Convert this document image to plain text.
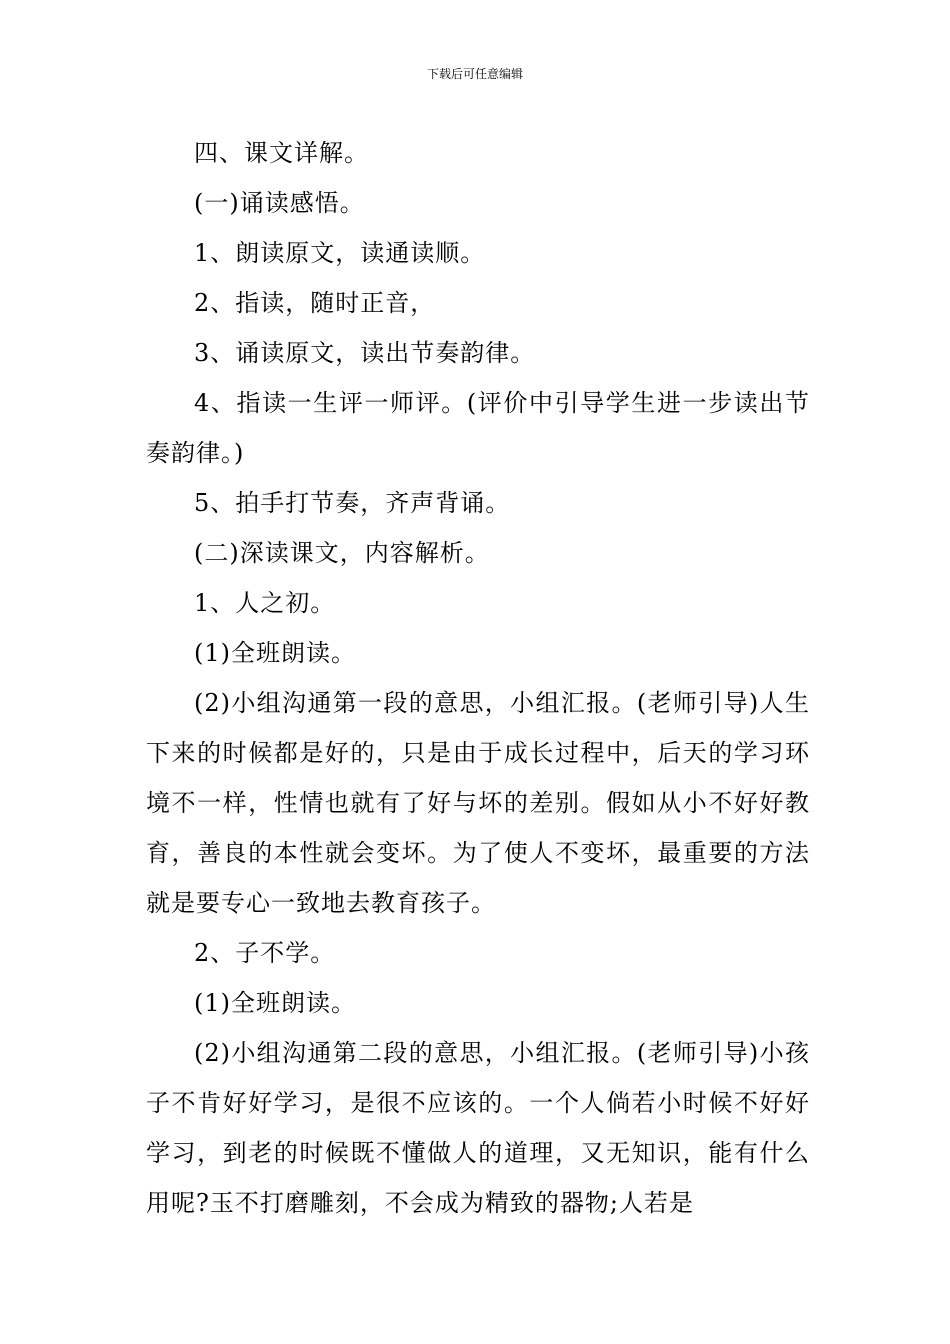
下载后可任意编辑

四、课文详解。

(一)诵读感悟。

1、朗读原文，读通读顺。

2、指读，随时正音，

3、诵读原文，读出节奏韵律。

4、指读一生评一师评。(评价中引导学生进一步读出节奏韵律。)

5、拍手打节奏，齐声背诵。

(二)深读课文，内容解析。

1、人之初。

(1)全班朗读。

(2)小组沟通第一段的意思，小组汇报。(老师引导)人生下来的时候都是好的，只是由于成长过程中，后天的学习环境不一样，性情也就有了好与坏的差别。假如从小不好好教育，善良的本性就会变坏。为了使人不变坏，最重要的方法就是要专心一致地去教育孩子。

2、子不学。

(1)全班朗读。

(2)小组沟通第二段的意思，小组汇报。(老师引导)小孩子不肯好好学习，是很不应该的。一个人倘若小时候不好好学习，到老的时候既不懂做人的道理，又无知识，能有什么用呢?玉不打磨雕刻，不会成为精致的器物;人若是
